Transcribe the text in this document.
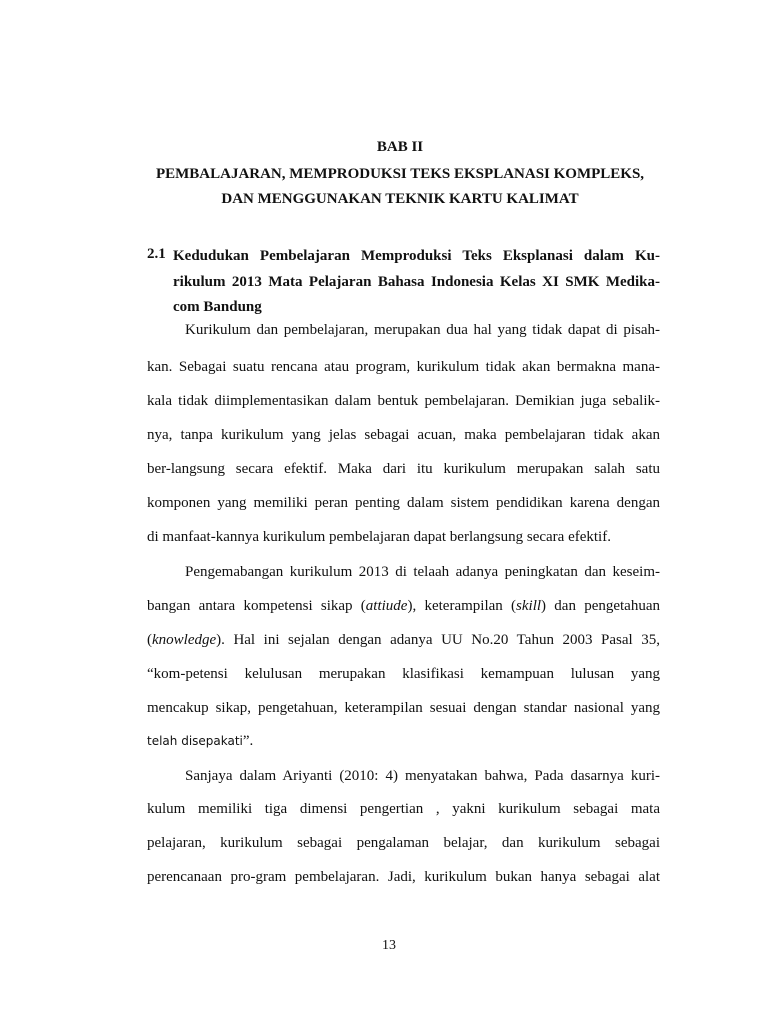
BAB II
PEMBALAJARAN, MEMPRODUKSI TEKS EKSPLANASI KOMPLEKS,
DAN MENGGUNAKAN TEKNIK KARTU KALIMAT
2.1 Kedudukan Pembelajaran Memproduksi Teks Eksplanasi dalam Ku-
rikulum 2013 Mata Pelajaran Bahasa Indonesia Kelas XI SMK Medika-
com Bandung
Kurikulum dan pembelajaran, merupakan dua hal yang tidak dapat di pisah-
kan. Sebagai suatu rencana atau program, kurikulum tidak akan bermakna mana-
kala tidak diimplementasikan dalam bentuk pembelajaran. Demikian juga sebalik-
nya, tanpa kurikulum yang jelas sebagai acuan, maka pembelajaran tidak akan
ber-langsung secara efektif. Maka dari itu kurikulum merupakan salah satu
komponen yang memiliki peran penting dalam sistem pendidikan karena dengan
di manfaat-kannya kurikulum pembelajaran dapat berlangsung secara efektif.
Pengemabangan kurikulum 2013 di telaah adanya peningkatan dan keseim-
bangan antara kompetensi sikap (attiude), keterampilan (skill) dan pengetahuan
(knowledge). Hal ini sejalan dengan adanya UU No.20 Tahun 2003 Pasal 35,
“kom-petensi kelulusan merupakan klasifikasi kemampuan lulusan yang
mencakup sikap, pengetahuan, keterampilan sesuai dengan standar nasional yang
telah disepakati”.
Sanjaya dalam Ariyanti (2010: 4) menyatakan bahwa, Pada dasarnya kuri-
kulum memiliki tiga dimensi pengertian , yakni kurikulum sebagai mata
pelajaran, kurikulum sebagai pengalaman belajar, dan kurikulum sebagai
perencanaan pro-gram pembelajaran. Jadi, kurikulum bukan hanya sebagai alat
13
